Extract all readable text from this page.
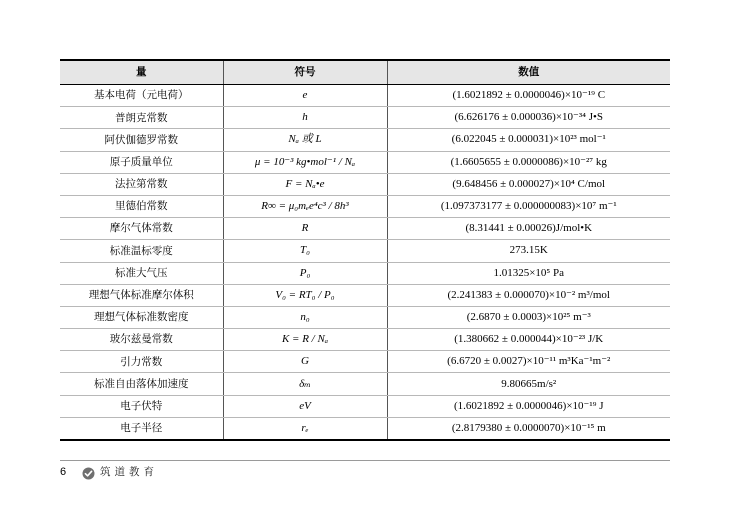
量	符号	数值
基本电荷（元电荷）	e	(1.6021892 ± 0.0000046)×10⁻¹⁹ C
普朗克常数	h	(6.626176 ± 0.000036)×10⁻³⁴ J•S
阿伏伽德罗常数	Nₐ 或 L	(6.022045 ± 0.000031)×10²³ mol⁻¹
原子质量单位	μ = 10⁻³ kg•mol⁻¹ / Nₐ	(1.6605655 ± 0.0000086)×10⁻²⁷ kg
法拉第常数	F = Nₐ•e	(9.648456 ± 0.000027)×10⁴ C/mol
里德伯常数	R∞ = μ₀mₑe⁴c³ / 8h³	(1.097373177 ± 0.000000083)×10⁷ m⁻¹
摩尔气体常数	R	(8.31441 ± 0.00026)J/mol•K
标准温标零度	T₀	273.15K
标准大气压	P₀	1.01325×10⁵ Pa
理想气体标准摩尔体积	V₀ = RT₀ / P₀	(2.241383 ± 0.000070)×10⁻² m³/mol
理想气体标准数密度	n₀	(2.6870 ± 0.0003)×10²⁵ m⁻³
玻尔兹曼常数	K = R / Nₐ	(1.380662 ± 0.000044)×10⁻²³ J/K
引力常数	G	(6.6720 ± 0.0027)×10⁻¹¹ m³Ka⁻¹m⁻²
标准自由落体加速度	δₘ	9.80665m/s²
电子伏特	eV	(1.6021892 ± 0.0000046)×10⁻¹⁹ J
电子半径	rₑ	(2.8179380 ± 0.0000070)×10⁻¹⁵ m
6	筑道教育
